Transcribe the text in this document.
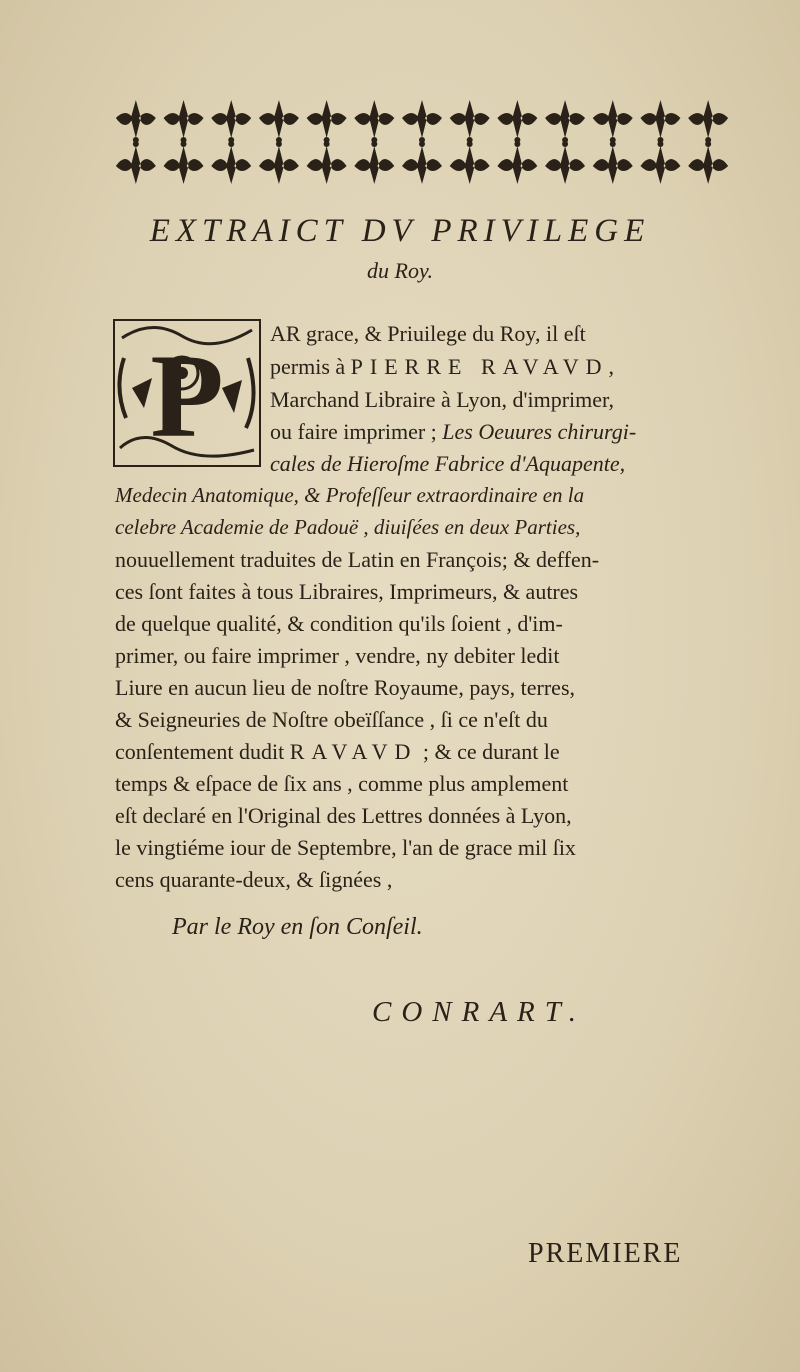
EXTRAICT DV PRIVILEGE
du Roy.
P AR grace, & Priuilege du Roy, il eſt
permis à PIERRE RAVAVD,
Marchand Libraire à Lyon, d'imprimer,
ou faire imprimer ; Les Oeuures chirurgi-
cales de Hieroſme Fabrice d'Aquapente,
Medecin Anatomique, & Profeſſeur extraordinaire en la
celebre Academie de Padouë , diuiſées en deux Parties,
nouuellement traduites de Latin en François; & deffen-
ces ſont faites à tous Libraires, Imprimeurs, & autres
de quelque qualité, & condition qu'ils ſoient , d'im-
primer, ou faire imprimer , vendre, ny debiter ledit
Liure en aucun lieu de noſtre Royaume, pays, terres,
& Seigneuries de Noſtre obeïſſance , ſi ce n'eſt du
conſentement dudit RAVAVD ; & ce durant le
temps & eſpace de ſix ans , comme plus amplement
eſt declaré en l'Original des Lettres données à Lyon,
le vingtiéme iour de Septembre, l'an de grace mil ſix
cens quarante-deux, & ſignées ,
Par le Roy en ſon Conſeil.
CONRART.
PREMIERE
